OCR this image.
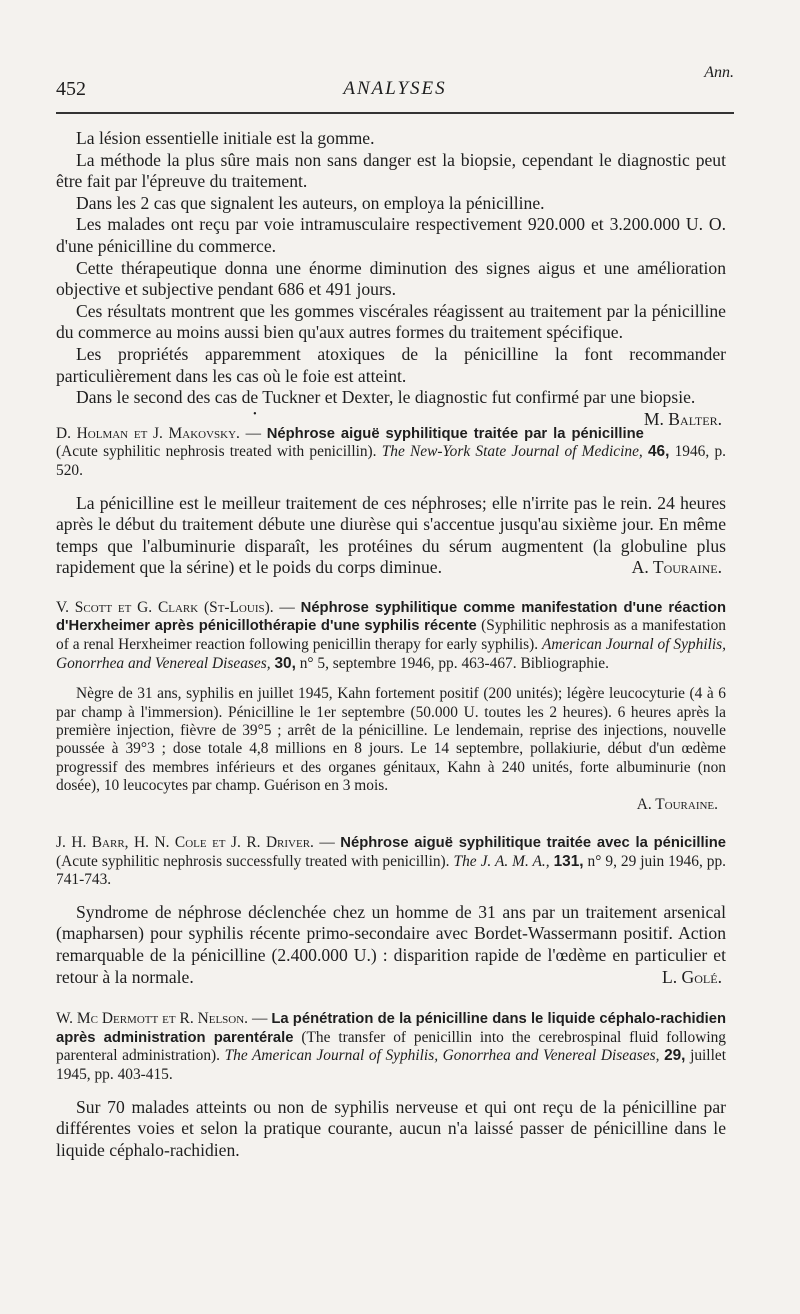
452	ANALYSES
Ann.

La lésion essentielle initiale est la gomme.

La méthode la plus sûre mais non sans danger est la biopsie, cependant le diagnostic peut être fait par l'épreuve du traitement.

Dans les 2 cas que signalent les auteurs, on employa la pénicilline.

Les malades ont reçu par voie intramusculaire respectivement 920.000 et 3.200.000 U. O. d'une pénicilline du commerce.

Cette thérapeutique donna une énorme diminution des signes aigus et une amélioration objective et subjective pendant 686 et 491 jours.

Ces résultats montrent que les gommes viscérales réagissent au traitement par la pénicilline du commerce au moins aussi bien qu'aux autres formes du traitement spécifique.

Les propriétés apparemment atoxiques de la pénicilline la font recommander particulièrement dans les cas où le foie est atteint.

Dans le second des cas de Tuckner et Dexter, le diagnostic fut confirmé par une biopsie.
M. Balter.

•

D. Holman et J. Makovsky. — Néphrose aiguë syphilitique traitée par la pénicilline (Acute syphilitic nephrosis treated with penicillin). The New-York State Journal of Medicine, 46, 1946, p. 520.

La pénicilline est le meilleur traitement de ces néphroses; elle n'irrite pas le rein. 24 heures après le début du traitement débute une diurèse qui s'accentue jusqu'au sixième jour. En même temps que l'albuminurie disparaît, les protéines du sérum augmentent (la globuline plus rapidement que la sérine) et le poids du corps diminue.	A. Touraine.

V. Scott et G. Clark (St-Louis). — Néphrose syphilitique comme manifestation d'une réaction d'Herxheimer après pénicillothérapie d'une syphilis récente (Syphilitic nephrosis as a manifestation of a renal Herxheimer reaction following penicillin therapy for early syphilis). American Journal of Syphilis, Gonorrhea and Venereal Diseases, 30, n° 5, septembre 1946, pp. 463-467. Bibliographie.

Nègre de 31 ans, syphilis en juillet 1945, Kahn fortement positif (200 unités); légère leucocyturie (4 à 6 par champ à l'immersion). Pénicilline le 1er septembre (50.000 U. toutes les 2 heures). 6 heures après la première injection, fièvre de 39°5 ; arrêt de la pénicilline. Le lendemain, reprise des injections, nouvelle poussée à 39°3 ; dose totale 4,8 millions en 8 jours. Le 14 septembre, pollakiurie, début d'un œdème progressif des membres inférieurs et des organes génitaux, Kahn à 240 unités, forte albuminurie (non dosée), 10 leucocytes par champ. Guérison en 3 mois.

A. Touraine.

J. H. Barr, H. N. Cole et J. R. Driver. — Néphrose aiguë syphilitique traitée avec la pénicilline (Acute syphilitic nephrosis successfully treated with penicillin). The J. A. M. A., 131, n° 9, 29 juin 1946, pp. 741-743.

Syndrome de néphrose déclenchée chez un homme de 31 ans par un traitement arsenical (mapharsen) pour syphilis récente primo-secondaire avec Bordet-Wassermann positif. Action remarquable de la pénicilline (2.400.000 U.) : disparition rapide de l'œdème en particulier et retour à la normale.	L. Golé.

W. Mc Dermott et R. Nelson. — La pénétration de la pénicilline dans le liquide céphalo-rachidien après administration parentérale (The transfer of penicillin into the cerebrospinal fluid following parenteral administration). The American Journal of Syphilis, Gonorrhea and Venereal Diseases, 29, juillet 1945, pp. 403-415.

Sur 70 malades atteints ou non de syphilis nerveuse et qui ont reçu de la pénicilline par différentes voies et selon la pratique courante, aucun n'a laissé passer de pénicilline dans le liquide céphalo-rachidien.
